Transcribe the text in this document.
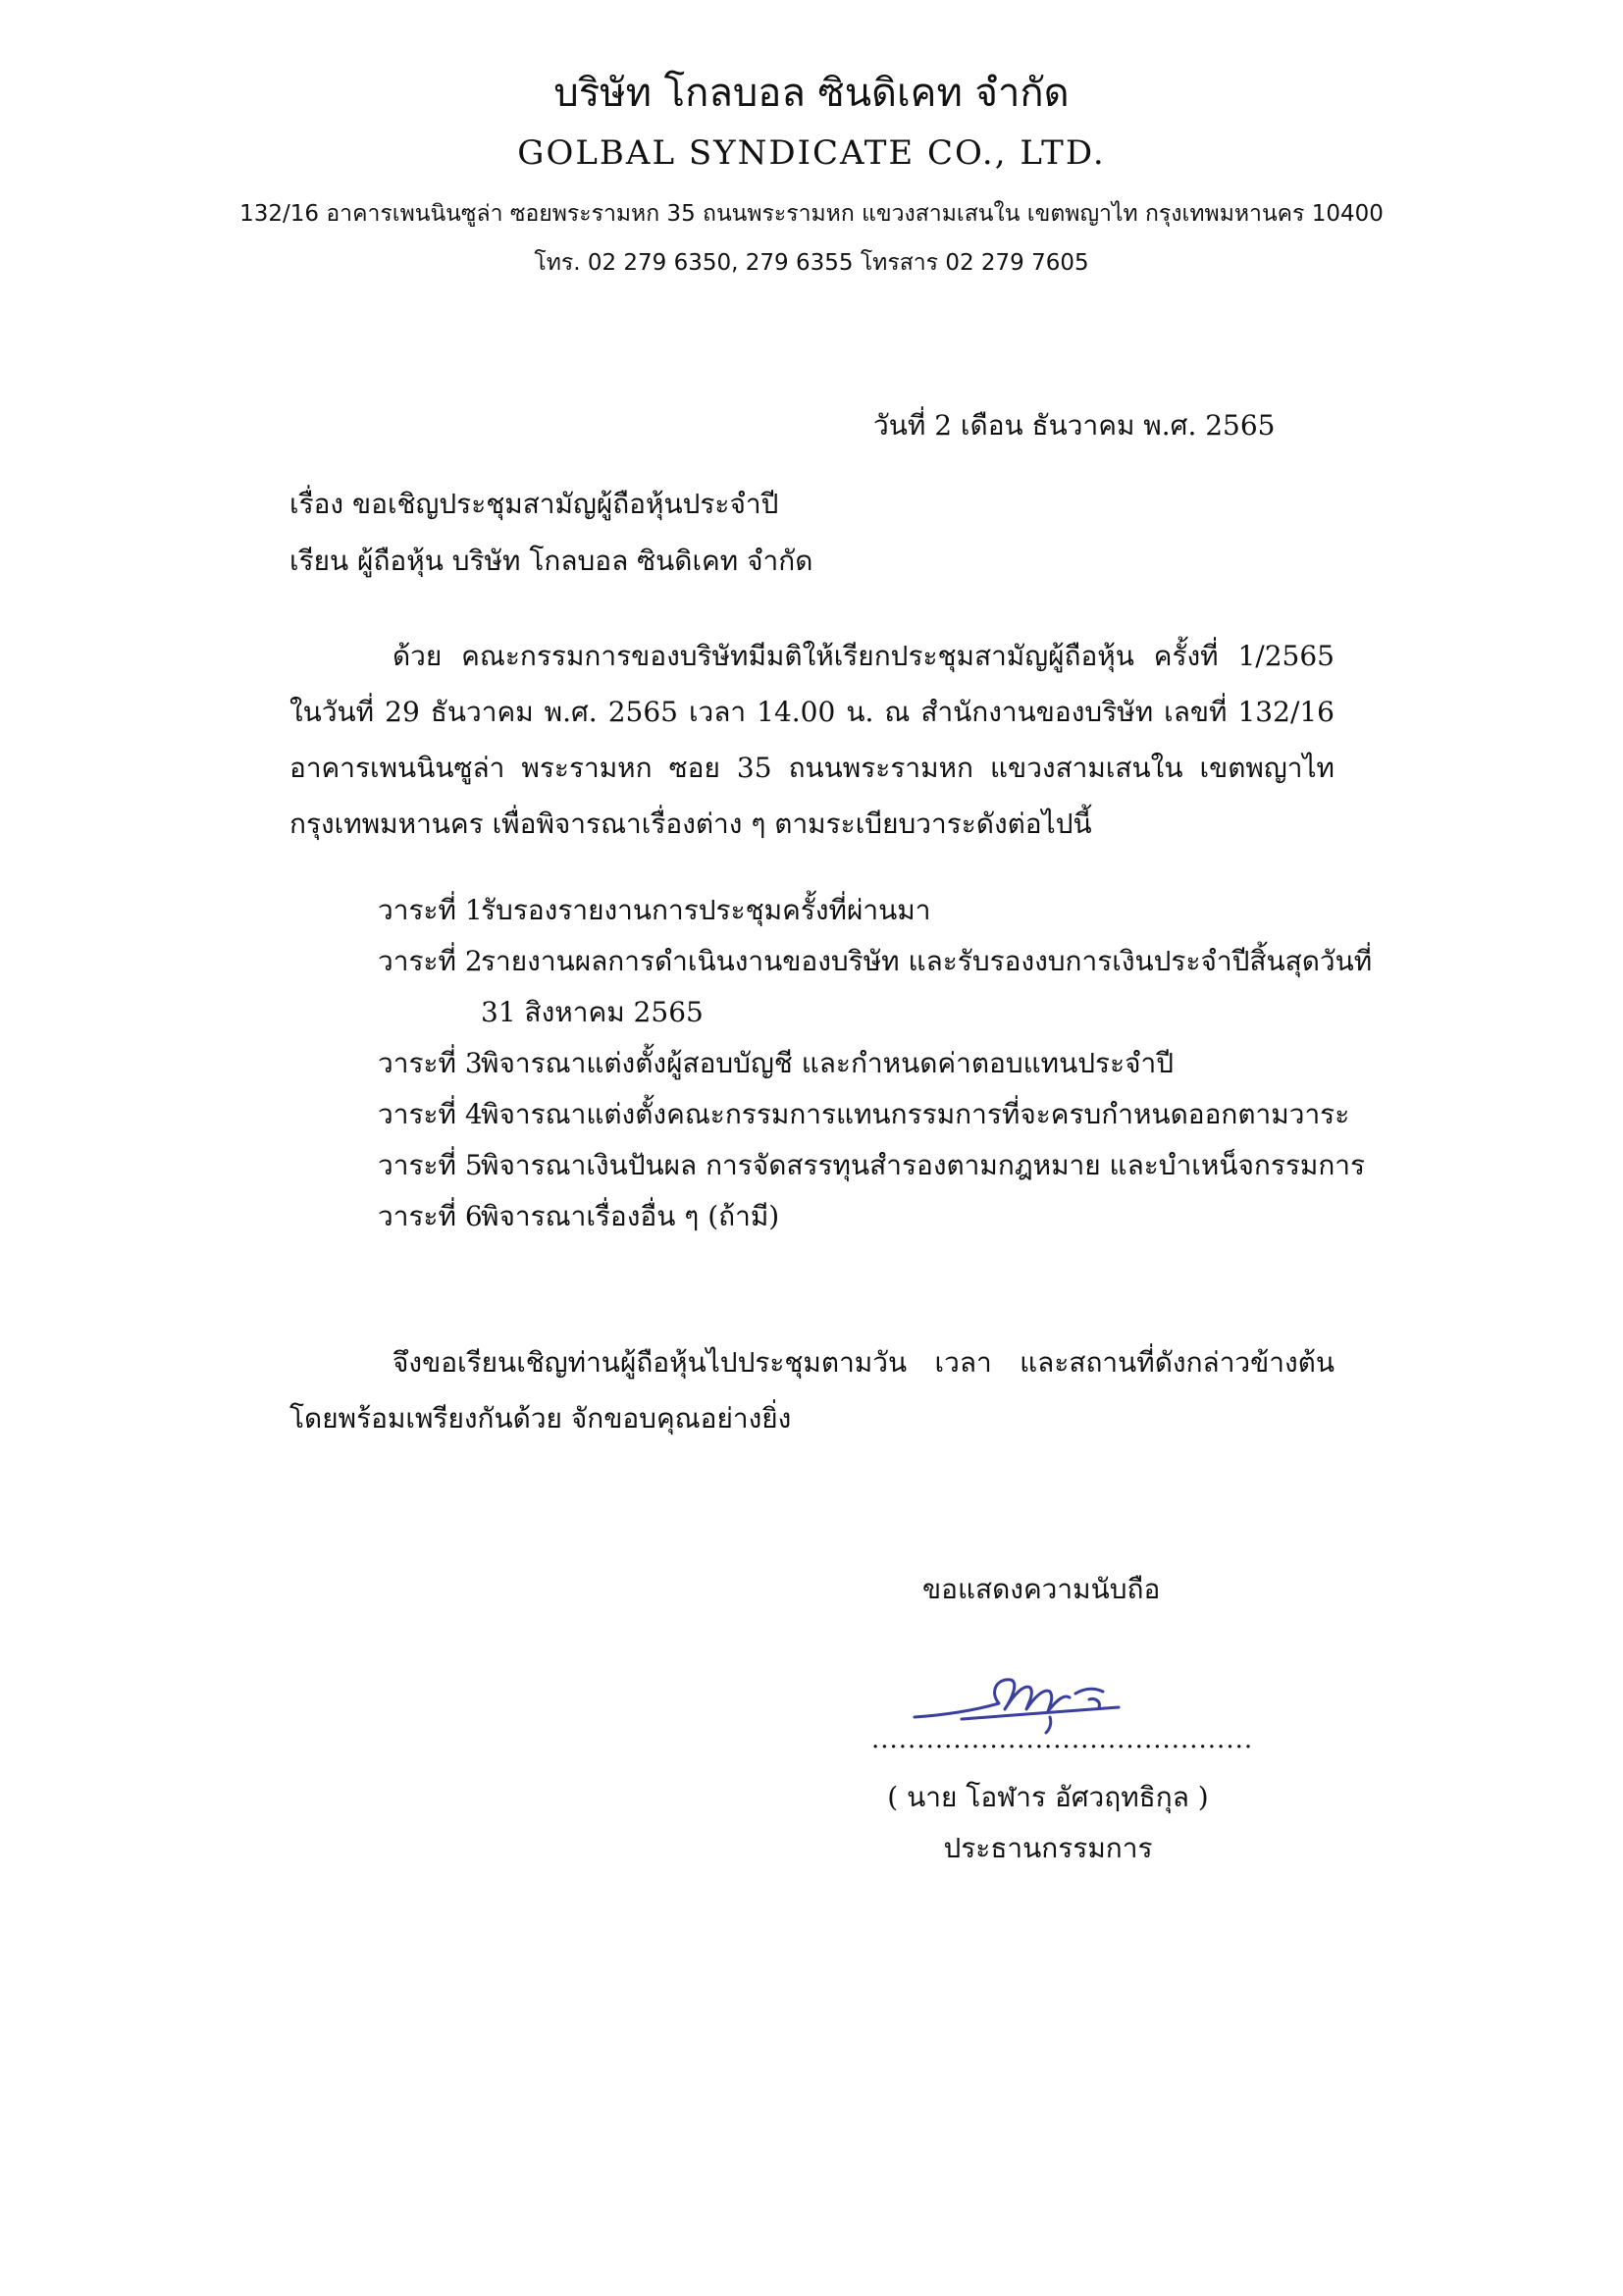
บริษัท โกลบอล ซินดิเคท จำกัด
GOLBAL SYNDICATE CO., LTD.
132/16 อาคารเพนนินซูล่า ซอยพระรามหก 35 ถนนพระรามหก แขวงสามเสนใน เขตพญาไท กรุงเทพมหานคร 10400
โทร. 02 279 6350, 279 6355 โทรสาร 02 279 7605
วันที่ 2 เดือน ธันวาคม พ.ศ. 2565
เรื่อง ขอเชิญประชุมสามัญผู้ถือหุ้นประจำปี
เรียน ผู้ถือหุ้น บริษัท โกลบอล ซินดิเคท จำกัด

ด้วย คณะกรรมการของบริษัทมีมติให้เรียกประชุมสามัญผู้ถือหุ้น ครั้งที่ 1/2565 ในวันที่ 29 ธันวาคม พ.ศ. 2565 เวลา 14.00 น. ณ สำนักงานของบริษัท เลขที่ 132/16 อาคารเพนนินซูล่า พระรามหก ซอย 35 ถนนพระรามหก แขวงสามเสนใน เขตพญาไท กรุงเทพมหานคร เพื่อพิจารณาเรื่องต่าง ๆ ตามระเบียบวาระดังต่อไปนี้

วาระที่ 1รับรองรายงานการประชุมครั้งที่ผ่านมา
วาระที่ 2รายงานผลการดำเนินงานของบริษัท และรับรองงบการเงินประจำปีสิ้นสุดวันที่
31 สิงหาคม 2565
วาระที่ 3พิจารณาแต่งตั้งผู้สอบบัญชี และกำหนดค่าตอบแทนประจำปี
วาระที่ 4พิจารณาแต่งตั้งคณะกรรมการแทนกรรมการที่จะครบกำหนดออกตามวาระ
วาระที่ 5พิจารณาเงินปันผล การจัดสรรทุนสำรองตามกฎหมาย และบำเหน็จกรรมการ
วาระที่ 6พิจารณาเรื่องอื่น ๆ (ถ้ามี)

จึงขอเรียนเชิญท่านผู้ถือหุ้นไปประชุมตามวัน เวลา และสถานที่ดังกล่าวข้างต้นโดยพร้อมเพรียงกันด้วย จักขอบคุณอย่างยิ่ง

ขอแสดงความนับถือ
..........................................
( นาย โอฬาร อัศวฤทธิกุล )
ประธานกรรมการ
